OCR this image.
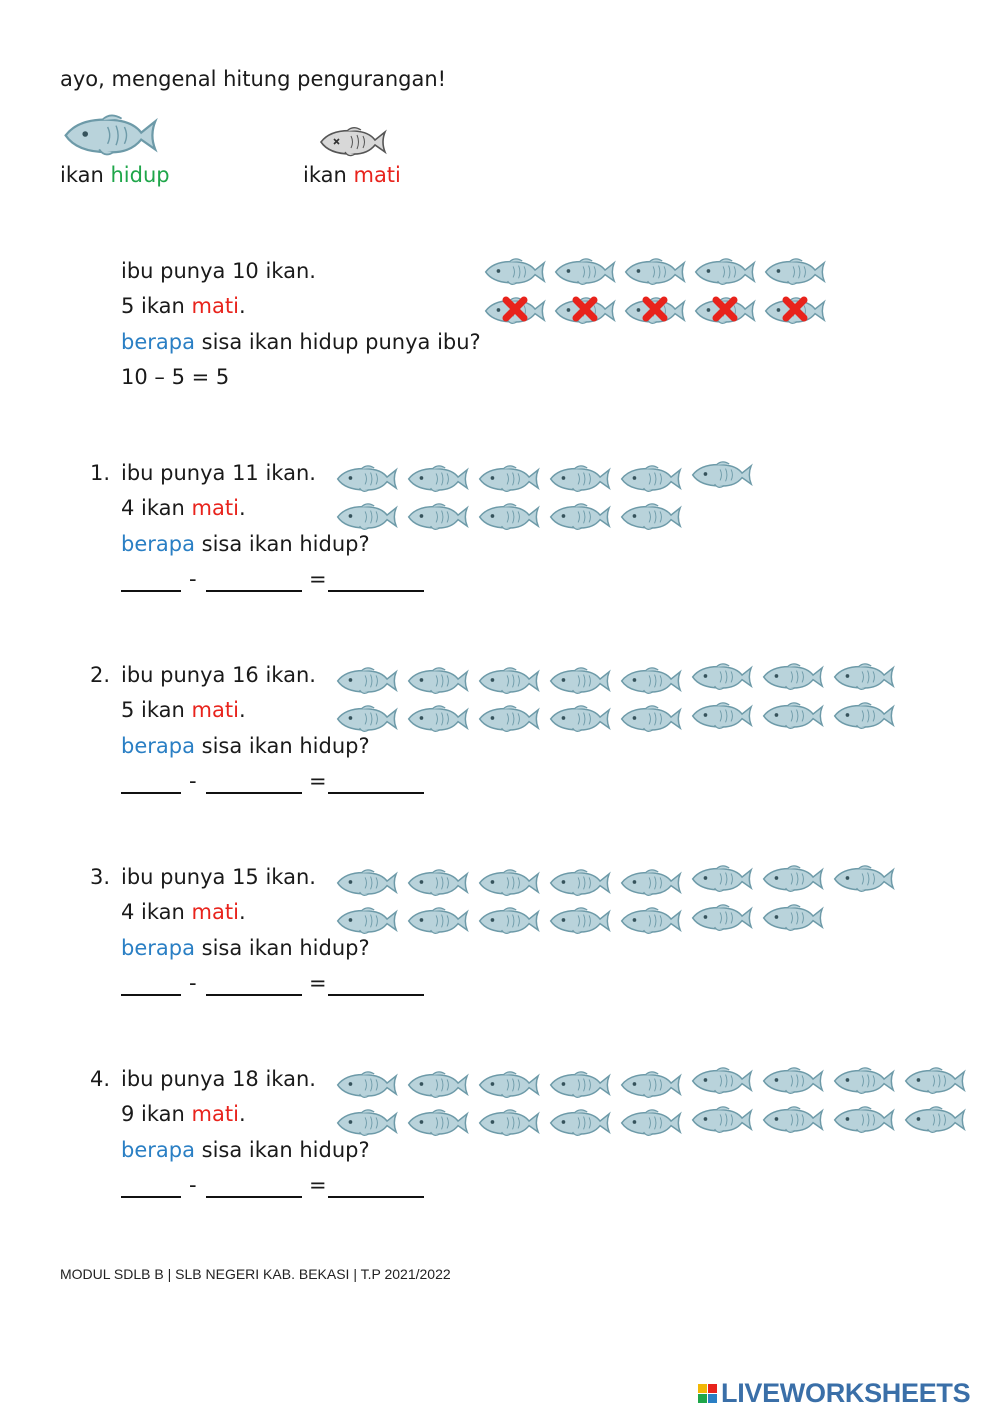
ayo, mengenal hitung pengurangan!
ikan hidup	ikan mati
ibu punya 10 ikan.
5 ikan mati.
berapa sisa ikan hidup punya ibu?
10 – 5 = 5
1. ibu punya 11 ikan.
4 ikan mati.
berapa sisa ikan hidup?
-	=
2. ibu punya 16 ikan.
5 ikan mati.
berapa sisa ikan hidup?
-	=
3. ibu punya 15 ikan.
4 ikan mati.
berapa sisa ikan hidup?
-	=
4. ibu punya 18 ikan.
9 ikan mati.
berapa sisa ikan hidup?
-	=
MODUL SDLB B | SLB NEGERI KAB. BEKASI | T.P 2021/2022
LIVEWORKSHEETS
